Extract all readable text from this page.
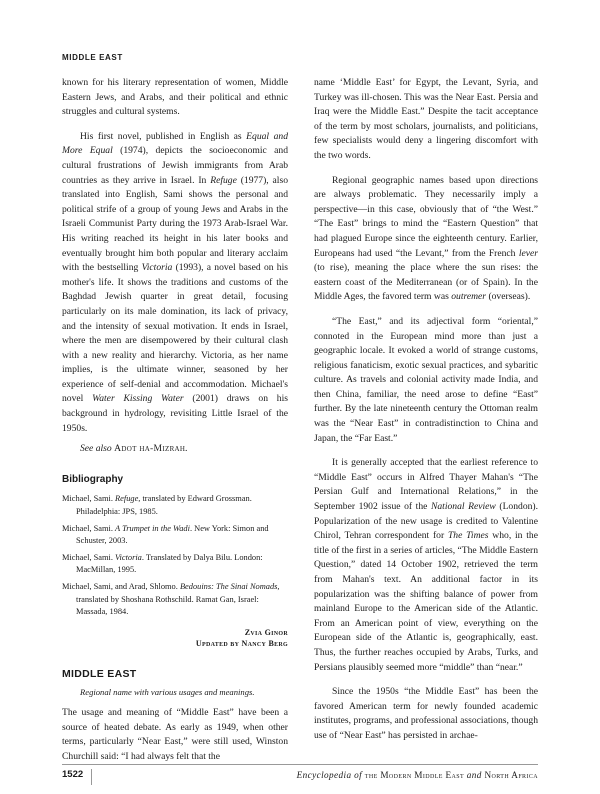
MIDDLE EAST

known for his literary representation of women, Middle Eastern Jews, and Arabs, and their political and ethnic struggles and cultural systems.

His first novel, published in English as Equal and More Equal (1974), depicts the socioeconomic and cultural frustrations of Jewish immigrants from Arab countries as they arrive in Israel. In Refuge (1977), also translated into English, Sami shows the personal and political strife of a group of young Jews and Arabs in the Israeli Communist Party during the 1973 Arab-Israel War. His writing reached its height in his later books and eventually brought him both popular and literary acclaim with the bestselling Victoria (1993), a novel based on his mother's life. It shows the traditions and customs of the Baghdad Jewish quarter in great detail, focusing particularly on its male domination, its lack of privacy, and the intensity of sexual motivation. It ends in Israel, where the men are disempowered by their cultural clash with a new reality and hierarchy. Victoria, as her name implies, is the ultimate winner, seasoned by her experience of self-denial and accommodation. Michael's novel Water Kissing Water (2001) draws on his background in hydrology, revisiting Little Israel of the 1950s.

See also Adot ha-Mizrah.

Bibliography
Michael, Sami. Refuge, translated by Edward Grossman. Philadelphia: JPS, 1985.
Michael, Sami. A Trumpet in the Wadi. New York: Simon and Schuster, 2003.
Michael, Sami. Victoria. Translated by Dalya Bilu. London: MacMillan, 1995.
Michael, Sami, and Arad, Shlomo. Bedouins: The Sinai Nomads, translated by Shoshana Rothschild. Ramat Gan, Israel: Massada, 1984.
Zvia Ginor
Updated by Nancy Berg
MIDDLE EAST
Regional name with various usages and meanings.

The usage and meaning of “Middle East” have been a source of heated debate. As early as 1949, when other terms, particularly “Near East,” were still used, Winston Churchill said: “I had always felt that the

name ‘Middle East’ for Egypt, the Levant, Syria, and Turkey was ill-chosen. This was the Near East. Persia and Iraq were the Middle East.” Despite the tacit acceptance of the term by most scholars, journalists, and politicians, few specialists would deny a lingering discomfort with the two words.

Regional geographic names based upon directions are always problematic. They necessarily imply a perspective—in this case, obviously that of “the West.” “The East” brings to mind the “Eastern Question” that had plagued Europe since the eighteenth century. Earlier, Europeans had used “the Levant,” from the French lever (to rise), meaning the place where the sun rises: the eastern coast of the Mediterranean (or of Spain). In the Middle Ages, the favored term was outremer (overseas).

“The East,” and its adjectival form “oriental,” connoted in the European mind more than just a geographic locale. It evoked a world of strange customs, religious fanaticism, exotic sexual practices, and sybaritic culture. As travels and colonial activity made India, and then China, familiar, the need arose to define “East” further. By the late nineteenth century the Ottoman realm was the “Near East” in contradistinction to China and Japan, the “Far East.”

It is generally accepted that the earliest reference to “Middle East” occurs in Alfred Thayer Mahan's “The Persian Gulf and International Relations,” in the September 1902 issue of the National Review (London). Popularization of the new usage is credited to Valentine Chirol, Tehran correspondent for The Times who, in the title of the first in a series of articles, “The Middle Eastern Question,” dated 14 October 1902, retrieved the term from Mahan's text. An additional factor in its popularization was the shifting balance of power from mainland Europe to the American side of the Atlantic. From an American point of view, everything on the European side of the Atlantic is, geographically, east. Thus, the further reaches occupied by Arabs, Turks, and Persians plausibly seemed more “middle” than “near.”

Since the 1950s “the Middle East” has been the favored American term for newly founded academic institutes, programs, and professional associations, though use of “Near East” has persisted in archae-

1522	Encyclopedia of the Modern Middle East and North Africa
